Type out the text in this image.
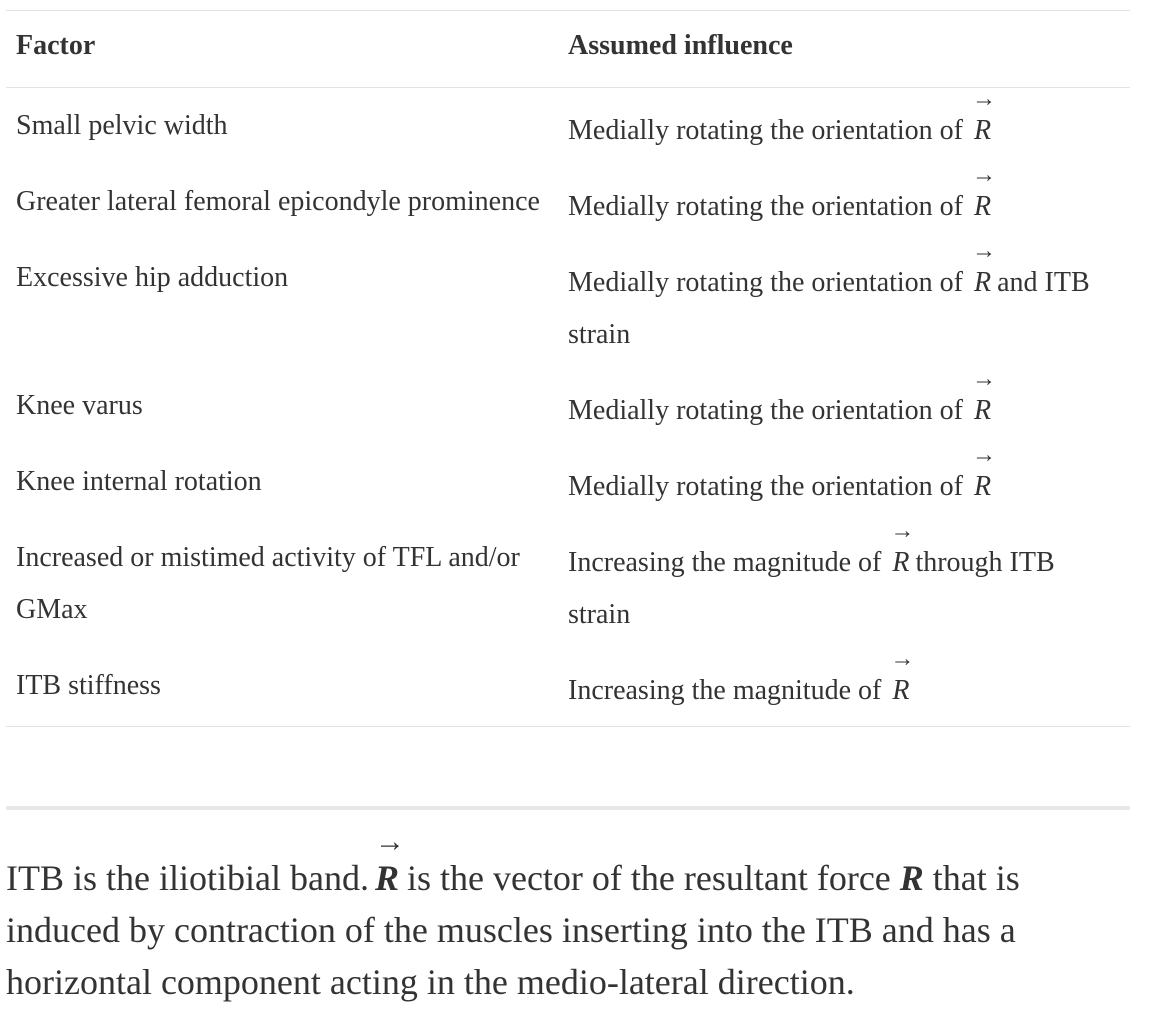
Factor	Assumed influence
Small pelvic width	Medially rotating the orientation of
→
R
Greater lateral femoral epicondyle prominence	Medially rotating the orientation of
→
R
Excessive hip adduction	Medially rotating the orientation of
→
R and ITB strain
Knee varus	Medially rotating the orientation of
→
R
Knee internal rotation	Medially rotating the orientation of
→
R
Increased or mistimed activity of TFL and/or GMax	Increasing the magnitude of
→
R through ITB strain
ITB stiffness	Increasing the magnitude of
→
R
ITB is the iliotibial band.
→
R is the vector of the resultant force R that is induced by contraction of the muscles inserting into the ITB and has a horizontal component acting in the medio-lateral direction.
